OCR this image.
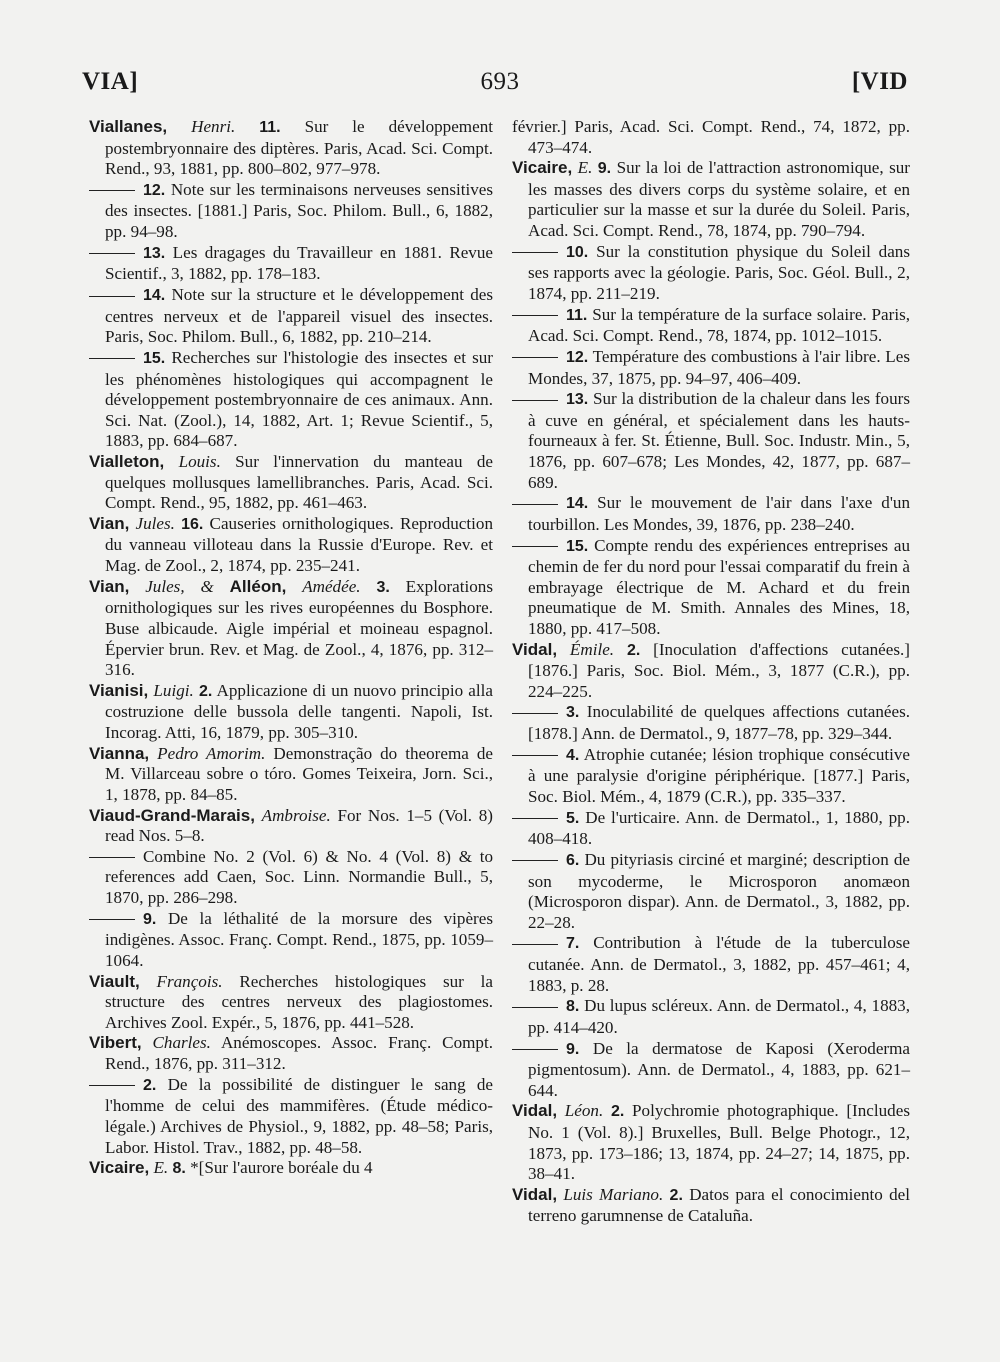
VIA]	693	[VID

Viallanes, Henri. 11. Sur le développement postembryonnaire des diptères. Paris, Acad. Sci. Compt. Rend., 93, 1881, pp. 800–802, 977–978.

12. Note sur les terminaisons nerveuses sensitives des insectes. [1881.] Paris, Soc. Philom. Bull., 6, 1882, pp. 94–98.

13. Les dragages du Travailleur en 1881. Revue Scientif., 3, 1882, pp. 178–183.

14. Note sur la structure et le développement des centres nerveux et de l'appareil visuel des insectes. Paris, Soc. Philom. Bull., 6, 1882, pp. 210–214.

15. Recherches sur l'histologie des insectes et sur les phénomènes histologiques qui accompagnent le développement postembryonnaire de ces animaux. Ann. Sci. Nat. (Zool.), 14, 1882, Art. 1; Revue Scientif., 5, 1883, pp. 684–687.

Vialleton, Louis. Sur l'innervation du manteau de quelques mollusques lamellibranches. Paris, Acad. Sci. Compt. Rend., 95, 1882, pp. 461–463.

Vian, Jules. 16. Causeries ornithologiques. Reproduction du vanneau villoteau dans la Russie d'Europe. Rev. et Mag. de Zool., 2, 1874, pp. 235–241.

Vian, Jules, & Alléon, Amédée. 3. Explorations ornithologiques sur les rives européennes du Bosphore. Buse albicaude. Aigle impérial et moineau espagnol. Épervier brun. Rev. et Mag. de Zool., 4, 1876, pp. 312–316.

Vianisi, Luigi. 2. Applicazione di un nuovo principio alla costruzione delle bussola delle tangenti. Napoli, Ist. Incorag. Atti, 16, 1879, pp. 305–310.

Vianna, Pedro Amorim. Demonstração do theorema de M. Villarceau sobre o tóro. Gomes Teixeira, Jorn. Sci., 1, 1878, pp. 84–85.

Viaud-Grand-Marais, Ambroise. For Nos. 1–5 (Vol. 8) read Nos. 5–8.

Combine No. 2 (Vol. 6) & No. 4 (Vol. 8) & to references add Caen, Soc. Linn. Normandie Bull., 5, 1870, pp. 286–298.

9. De la léthalité de la morsure des vipères indigènes. Assoc. Franç. Compt. Rend., 1875, pp. 1059–1064.

Viault, François. Recherches histologiques sur la structure des centres nerveux des plagiostomes. Archives Zool. Expér., 5, 1876, pp. 441–528.

Vibert, Charles. Anémoscopes. Assoc. Franç. Compt. Rend., 1876, pp. 311–312.

2. De la possibilité de distinguer le sang de l'homme de celui des mammifères. (Étude médico-légale.) Archives de Physiol., 9, 1882, pp. 48–58; Paris, Labor. Histol. Trav., 1882, pp. 48–58.

Vicaire, E. 8. *[Sur l'aurore boréale du 4

février.] Paris, Acad. Sci. Compt. Rend., 74, 1872, pp. 473–474.

Vicaire, E. 9. Sur la loi de l'attraction astronomique, sur les masses des divers corps du système solaire, et en particulier sur la masse et sur la durée du Soleil. Paris, Acad. Sci. Compt. Rend., 78, 1874, pp. 790–794.

10. Sur la constitution physique du Soleil dans ses rapports avec la géologie. Paris, Soc. Géol. Bull., 2, 1874, pp. 211–219.

11. Sur la température de la surface solaire. Paris, Acad. Sci. Compt. Rend., 78, 1874, pp. 1012–1015.

12. Température des combustions à l'air libre. Les Mondes, 37, 1875, pp. 94–97, 406–409.

13. Sur la distribution de la chaleur dans les fours à cuve en général, et spécialement dans les hauts-fourneaux à fer. St. Étienne, Bull. Soc. Industr. Min., 5, 1876, pp. 607–678; Les Mondes, 42, 1877, pp. 687–689.

14. Sur le mouvement de l'air dans l'axe d'un tourbillon. Les Mondes, 39, 1876, pp. 238–240.

15. Compte rendu des expériences entreprises au chemin de fer du nord pour l'essai comparatif du frein à embrayage électrique de M. Achard et du frein pneumatique de M. Smith. Annales des Mines, 18, 1880, pp. 417–508.

Vidal, Émile. 2. [Inoculation d'affections cutanées.] [1876.] Paris, Soc. Biol. Mém., 3, 1877 (C.R.), pp. 224–225.

3. Inoculabilité de quelques affections cutanées. [1878.] Ann. de Dermatol., 9, 1877–78, pp. 329–344.

4. Atrophie cutanée; lésion trophique consécutive à une paralysie d'origine périphérique. [1877.] Paris, Soc. Biol. Mém., 4, 1879 (C.R.), pp. 335–337.

5. De l'urticaire. Ann. de Dermatol., 1, 1880, pp. 408–418.

6. Du pityriasis circiné et marginé; description de son mycoderme, le Microsporon anomæon (Microsporon dispar). Ann. de Dermatol., 3, 1882, pp. 22–28.

7. Contribution à l'étude de la tuberculose cutanée. Ann. de Dermatol., 3, 1882, pp. 457–461; 4, 1883, p. 28.

8. Du lupus scléreux. Ann. de Dermatol., 4, 1883, pp. 414–420.

9. De la dermatose de Kaposi (Xeroderma pigmentosum). Ann. de Dermatol., 4, 1883, pp. 621–644.

Vidal, Léon. 2. Polychromie photographique. [Includes No. 1 (Vol. 8).] Bruxelles, Bull. Belge Photogr., 12, 1873, pp. 173–186; 13, 1874, pp. 24–27; 14, 1875, pp. 38–41.

Vidal, Luis Mariano. 2. Datos para el conocimiento del terreno garumnense de Cataluña.
